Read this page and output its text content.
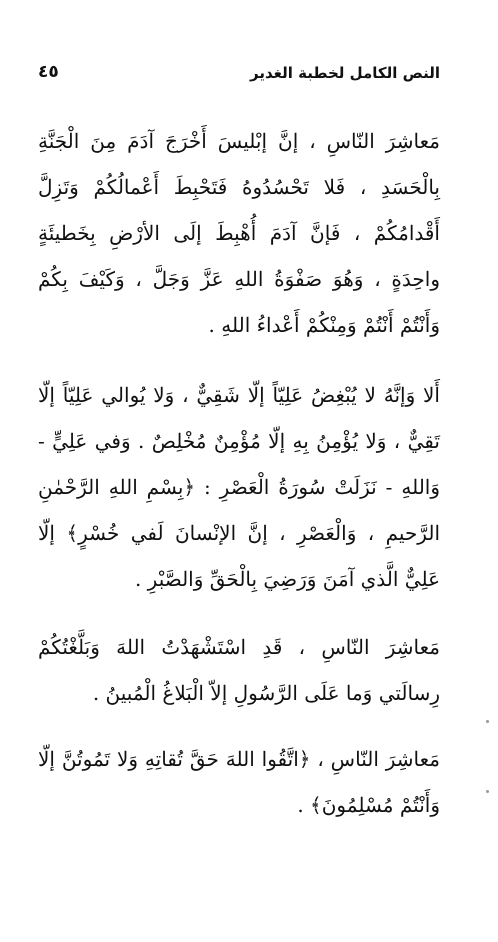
النص الكامل لخطبة الغدير
٤٥

مَعاشِرَ النّاسِ ، إنَّ إبْليسَ أَخْرَجَ آدَمَ مِنَ الْجَنَّةِ بِالْحَسَدِ ، فَلا تَحْسُدُوهُ فَتَحْبِطَ أَعْمالُكُمْ وَتَزِلَّ أَقْدامُكُمْ ، فَإنَّ آدَمَ أُهْبِطَ إلَى الأرْضِ بِخَطيئَةٍ واحِدَةٍ ، وَهُوَ صَفْوَةُ اللهِ عَزَّ وَجَلَّ ، وَكَيْفَ بِكُمْ وَأَنْتُمْ أَنْتُمْ وَمِنْكُمْ أَعْداءُ اللهِ .

أَلا وَإنَّهُ لا يُبْغِضُ عَلِيّاً إلّا شَقِيٌّ ، وَلا يُوالي عَلِيّاً إلّا تَقِيٌّ ، وَلا يُؤْمِنُ بِهِ إلّا مُؤْمِنٌ مُخْلِصٌ . وَفي عَلِيٍّ - وَاللهِ - نَزَلَتْ سُورَةُ الْعَصْرِ : ﴿بِسْمِ اللهِ الرَّحْمٰنِ الرَّحيمِ ، وَالْعَصْرِ ، إنَّ الإنْسانَ لَفي خُسْرٍ﴾ إلّا عَلِيٌّ الَّذي آمَنَ وَرَضِيَ بِالْحَقِّ وَالصَّبْرِ .

مَعاشِرَ النّاسِ ، قَدِ اسْتَشْهَدْتُ اللهَ وَبَلَّغْتُكُمْ رِسالَتي وَما عَلَى الرَّسُولِ إلاّ الْبَلاغُ الْمُبينُ .

مَعاشِرَ النّاسِ ، ﴿اتَّقُوا اللهَ حَقَّ تُقاتِهِ وَلا تَمُوتُنَّ إلّا وَأَنْتُمْ مُسْلِمُونَ﴾ .
